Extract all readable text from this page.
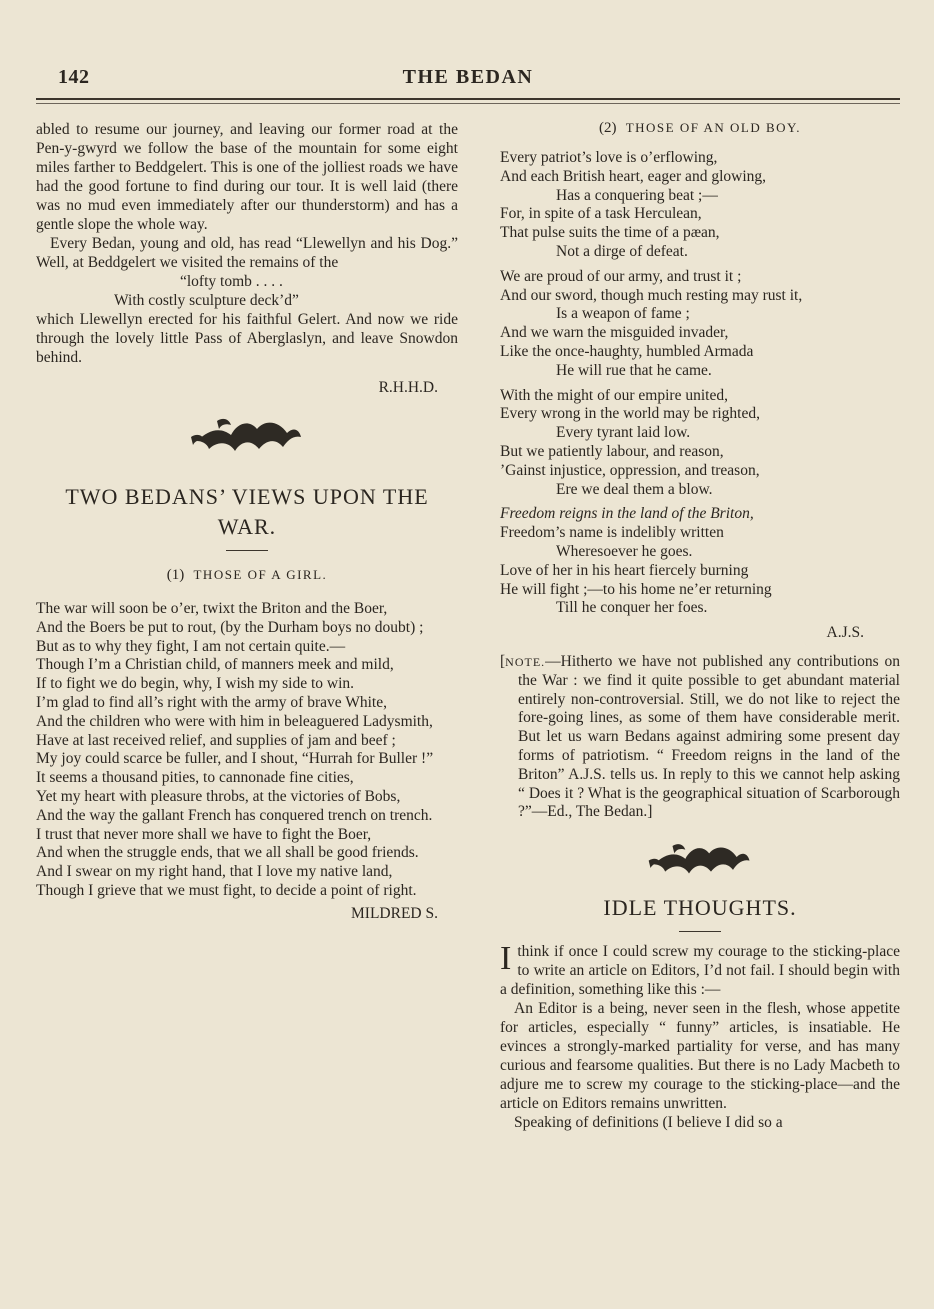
142	THE BEDAN

abled to resume our journey, and leaving our former road at the Pen-y-gwyrd we follow the base of the mountain for some eight miles farther to Beddgelert. This is one of the jolliest roads we have had the good fortune to find during our tour. It is well laid (there was no mud even immediately after our thunderstorm) and has a gentle slope the whole way.

Every Bedan, young and old, has read “Llewellyn and his Dog.” Well, at Beddgelert we visited the remains of the

“lofty tomb . . . .

With costly sculpture deck’d”

which Llewellyn erected for his faithful Gelert. And now we ride through the lovely little Pass of Aberglaslyn, and leave Snowdon behind.

R.H.H.D.

TWO BEDANS’ VIEWS UPON THE WAR.
(1) THOSE OF A GIRL.

The war will soon be o’er, twixt the Briton and the Boer,

And the Boers be put to rout, (by the Durham boys no doubt) ;

But as to why they fight, I am not certain quite.—

Though I’m a Christian child, of manners meek and mild,

If to fight we do begin, why, I wish my side to win.

I’m glad to find all’s right with the army of brave White,

And the children who were with him in beleaguered Ladysmith,

Have at last received relief, and supplies of jam and beef ;

My joy could scarce be fuller, and I shout, “Hurrah for Buller !”

It seems a thousand pities, to cannonade fine cities,

Yet my heart with pleasure throbs, at the victories of Bobs,

And the way the gallant French has conquered trench on trench.

I trust that never more shall we have to fight the Boer,

And when the struggle ends, that we all shall be good friends.

And I swear on my right hand, that I love my native land,

Though I grieve that we must fight, to decide a point of right.

MILDRED S.

(2) THOSE OF AN OLD BOY.

Every patriot’s love is o’erflowing,

And each British heart, eager and glowing,

Has a conquering beat ;—

For, in spite of a task Herculean,

That pulse suits the time of a pæan,

Not a dirge of defeat.

We are proud of our army, and trust it ;

And our sword, though much resting may rust it,

Is a weapon of fame ;

And we warn the misguided invader,

Like the once-haughty, humbled Armada

He will rue that he came.

With the might of our empire united,

Every wrong in the world may be righted,

Every tyrant laid low.

But we patiently labour, and reason,

’Gainst injustice, oppression, and treason,

Ere we deal them a blow.

Freedom reigns in the land of the Briton,

Freedom’s name is indelibly written

Wheresoever he goes.

Love of her in his heart fiercely burning

He will fight ;—to his home ne’er returning

Till he conquer her foes.

A.J.S.

[NOTE.—Hitherto we have not published any contributions on the War : we find it quite possible to get abundant material entirely non-controversial. Still, we do not like to reject the fore-going lines, as some of them have considerable merit. But let us warn Bedans against admiring some present day forms of patriotism. “ Freedom reigns in the land of the Briton” A.J.S. tells us. In reply to this we cannot help asking “ Does it ? What is the geographical situation of Scarborough ?”—Ed., The Bedan.]

IDLE THOUGHTS.

Ithink if once I could screw my courage to the sticking-place to write an article on Editors, I’d not fail. I should begin with a definition, something like this :—

An Editor is a being, never seen in the flesh, whose appetite for articles, especially “ funny” articles, is insatiable. He evinces a strongly-marked partiality for verse, and has many curious and fearsome qualities. But there is no Lady Macbeth to adjure me to screw my courage to the sticking-place—and the article on Editors remains unwritten.

Speaking of definitions (I believe I did so a
